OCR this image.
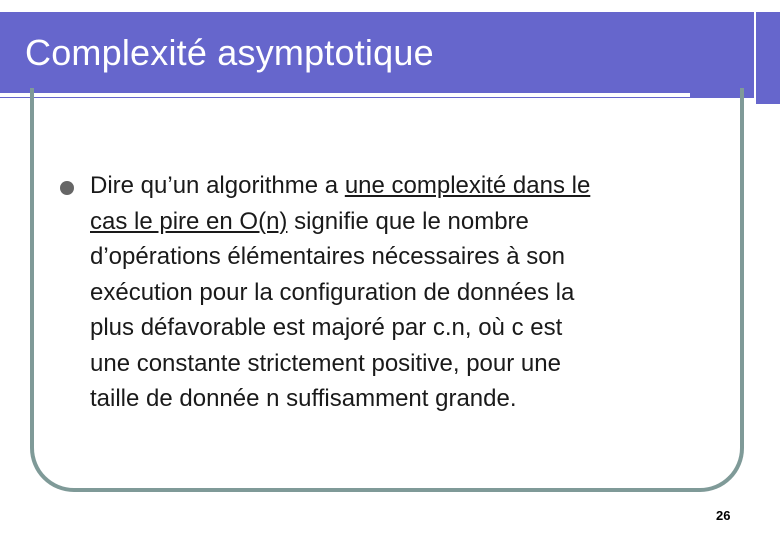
Complexité asymptotique
Dire qu’un algorithme a une complexité dans le
cas le pire en O(n) signifie que le nombre
d’opérations élémentaires nécessaires à son
exécution pour la configuration de données la
plus défavorable est majoré par c.n, où c est
une constante strictement positive, pour une
taille de donnée n suffisamment grande.
26
